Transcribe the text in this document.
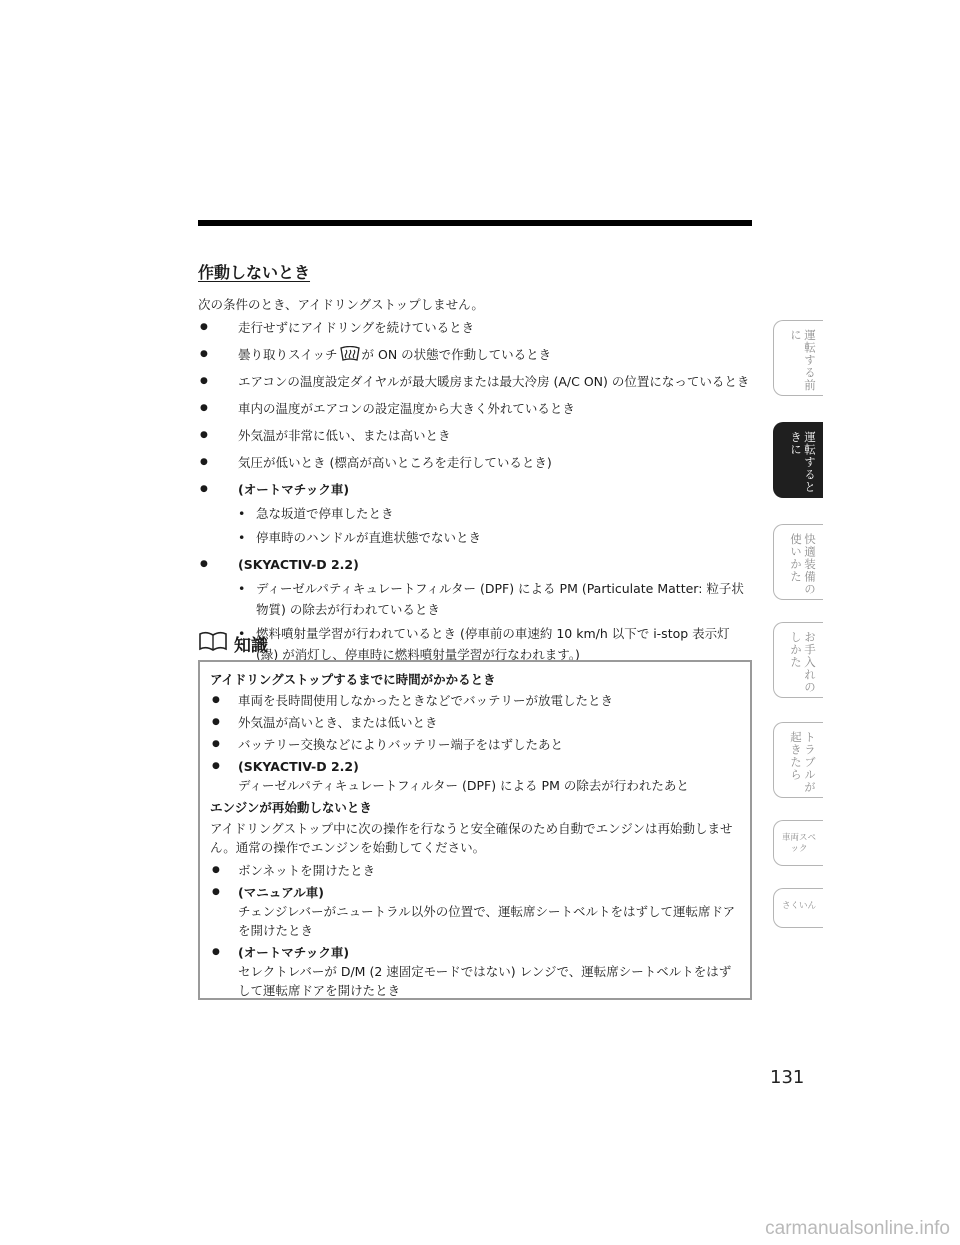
作動しないとき
次の条件のとき、アイドリングストップしません。
● 走行せずにアイドリングを続けているとき
● 曇り取りスイッチ が ON の状態で作動しているとき
● エアコンの温度設定ダイヤルが最大暖房または最大冷房 (A/C ON) の位置になっているとき
● 車内の温度がエアコンの設定温度から大きく外れているとき
● 外気温が非常に低い、または高いとき
● 気圧が低いとき (標高が高いところを走行しているとき)
● (オートマチック車)
• 急な坂道で停車したとき
• 停車時のハンドルが直進状態でないとき
● (SKYACTIV-D 2.2)
• ディーゼルパティキュレートフィルター (DPF) による PM (Particulate Matter: 粒子状物質) の除去が行われているとき
• 燃料噴射量学習が行われているとき (停車前の車速約 10 km/h 以下で i-stop 表示灯 (緑) が消灯し、停車時に燃料噴射量学習が行なわれます。)
知識
アイドリングストップするまでに時間がかかるとき
● 車両を長時間使用しなかったときなどでバッテリーが放電したとき
● 外気温が高いとき、または低いとき
● バッテリー交換などによりバッテリー端子をはずしたあと
● (SKYACTIV-D 2.2)
ディーゼルパティキュレートフィルター (DPF) による PM の除去が行われたあと
エンジンが再始動しないとき
アイドリングストップ中に次の操作を行なうと安全確保のため自動でエンジンは再始動しません。通常の操作でエンジンを始動してください。
● ボンネットを開けたとき
● (マニュアル車)
チェンジレバーがニュートラル以外の位置で、運転席シートベルトをはずして運転席ドアを開けたとき
● (オートマチック車)
セレクトレバーが D/M (2 速固定モードではない) レンジで、運転席シートベルトをはずして運転席ドアを開けたとき
運転する前に
運転するときに
快適装備の使いかた
お手入れのしかた
トラブルが起きたら
車両スペック
さくいん
131
carmanualsonline.info
